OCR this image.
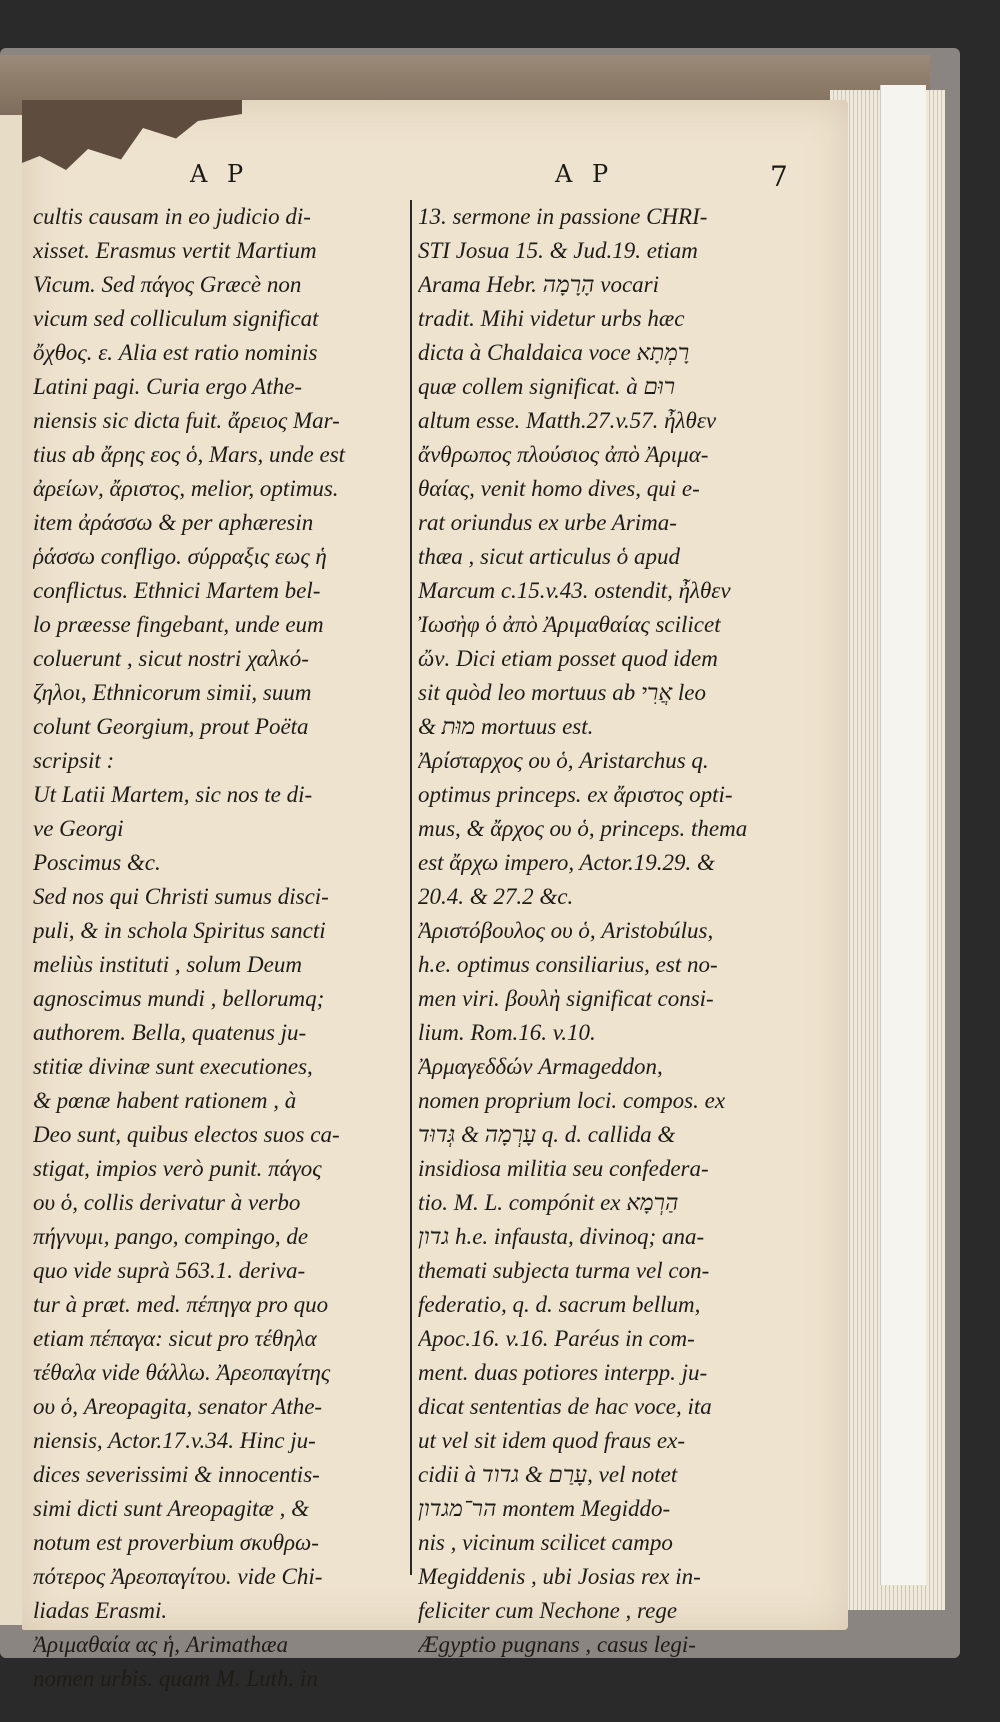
A P	A P	7
cultis causam in eo judicio di-
xisset. Erasmus vertit Martium
Vicum. Sed πάγος Græcè non
vicum sed colliculum significat
ὄχθος. ε. Alia est ratio nominis
Latini pagi. Curia ergo Athe-
niensis sic dicta fuit. ἄρειος Mar-
tius ab ἄρης εος ὁ, Mars, unde est
ἀρείων, ἄριστος, melior, optimus.
item ἀράσσω & per aphæresin
ῥάσσω confligo. σύρραξις εως ἡ
conflictus. Ethnici Martem bel-
lo præesse fingebant, unde eum
coluerunt , sicut nostri χαλκό-
ζηλοι, Ethnicorum simii, suum
colunt Georgium, prout Poëta
scripsit :
Ut Latii Martem, sic nos te di-
ve Georgi
Poscimus &c.
Sed nos qui Christi sumus disci-
puli, & in schola Spiritus sancti
meliùs instituti , solum Deum
agnoscimus mundi , bellorumq;
authorem. Bella, quatenus ju-
stitiæ divinæ sunt executiones,
& pœnæ habent rationem , à
Deo sunt, quibus electos suos ca-
stigat, impios verò punit. πάγος
ου ὁ, collis derivatur à verbo
πήγνυμι, pango, compingo, de
quo vide suprà 563.1. deriva-
tur à præt. med. πέπηγα pro quo
etiam πέπαγα: sicut pro τέθηλα
τέθαλα vide θάλλω. Ἀρεοπαγίτης
ου ὁ, Areopagita, senator Athe-
niensis, Actor.17.v.34. Hinc ju-
dices severissimi & innocentis-
simi dicti sunt Areopagitæ , &
notum est proverbium σκυθρω-
πότερος Ἀρεοπαγίτου. vide Chi-
liadas Erasmi.
Ἀριμαθαία ας ἡ, Arimathæa
nomen urbis. quam M. Luth. in
13. sermone in passione CHRI-
STI Josua 15. & Jud.19. etiam
Arama Hebr. הָרָמָה vocari
tradit. Mihi videtur urbs hæc
dicta à Chaldaica voce רָמְתָא
quæ collem significat. à רוּם
altum esse. Matth.27.v.57. ἦλθεν
ἄνθρωπος πλούσιος ἀπὸ Ἀριμα-
θαίας, venit homo dives, qui e-
rat oriundus ex urbe Arima-
thæa , sicut articulus ὁ apud
Marcum c.15.v.43. ostendit, ἦλθεν
Ἰωσὴφ ὁ ἀπὸ Ἀριμαθαίας scilicet
ὤν. Dici etiam posset quod idem
sit quòd leo mortuus ab אֲרִי leo
& מוּת mortuus est.
Ἀρίσταρχος ου ὁ, Aristarchus q.
optimus princeps. ex ἄριστος opti-
mus, & ἄρχος ου ὁ, princeps. thema
est ἄρχω impero, Actor.19.29. &
20.4. & 27.2 &c.
Ἀριστόβουλος ου ὁ, Aristobúlus,
h.e. optimus consiliarius, est no-
men viri. βουλὴ significat consi-
lium. Rom.16. v.10.
Ἀρμαγεδδών Armageddon,
nomen proprium loci. compos. ex
עָרְמָה & גְּדוּד q. d. callida &
insidiosa militia seu confedera-
tio. M. L. compónit ex הַרְמָא
גדון h.e. infausta, divinoq; ana-
themati subjecta turma vel con-
federatio, q. d. sacrum bellum,
Apoc.16. v.16. Paréus in com-
ment. duas potiores interpp. ju-
dicat sententias de hac voce, ita
ut vel sit idem quod fraus ex-
cidii à עָרַם & גדוד, vel notet
הר־מגדון montem Megiddo-
nis , vicinum scilicet campo
Megiddenis , ubi Josias rex in-
feliciter cum Nechone , rege
Ægyptio pugnans , casus legi-
